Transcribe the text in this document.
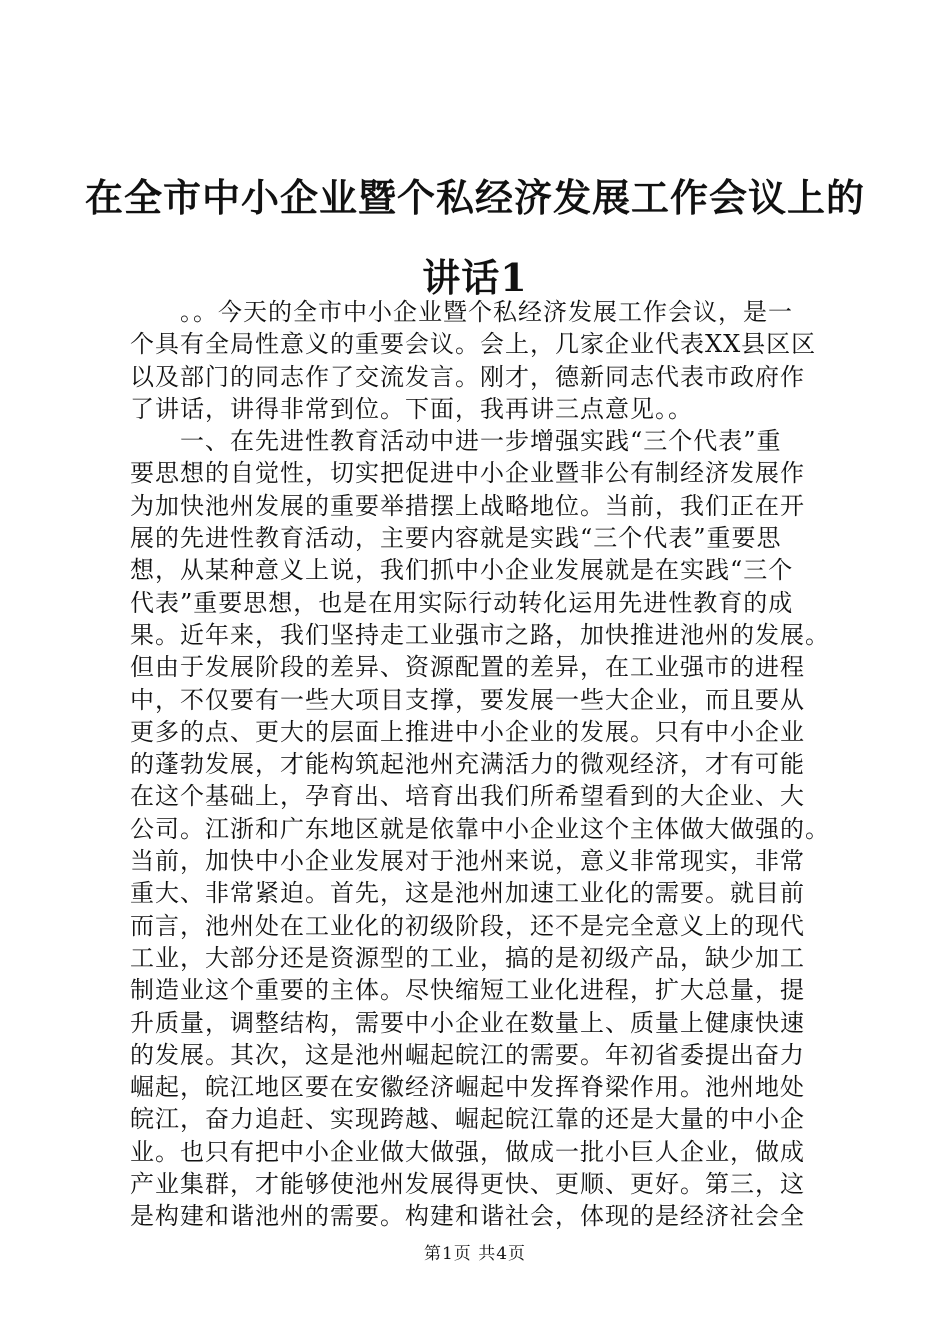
在全市中小企业暨个私经济发展工作会议上的

讲话1

　　。。今天的全市中小企业暨个私经济发展工作会议，是一

个具有全局性意义的重要会议。会上，几家企业代表XX县区区

以及部门的同志作了交流发言。刚才，德新同志代表市政府作

了讲话，讲得非常到位。下面，我再讲三点意见。。

　　一、在先进性教育活动中进一步增强实践“三个代表”重

要思想的自觉性，切实把促进中小企业暨非公有制经济发展作

为加快池州发展的重要举措摆上战略地位。当前，我们正在开

展的先进性教育活动，主要内容就是实践“三个代表”重要思

想，从某种意义上说，我们抓中小企业发展就是在实践“三个

代表”重要思想，也是在用实际行动转化运用先进性教育的成

果。近年来，我们坚持走工业强市之路，加快推进池州的发展。

但由于发展阶段的差异、资源配置的差异，在工业强市的进程

中，不仅要有一些大项目支撑，要发展一些大企业，而且要从

更多的点、更大的层面上推进中小企业的发展。只有中小企业

的蓬勃发展，才能构筑起池州充满活力的微观经济，才有可能

在这个基础上，孕育出、培育出我们所希望看到的大企业、大

公司。江浙和广东地区就是依靠中小企业这个主体做大做强的。

当前，加快中小企业发展对于池州来说，意义非常现实，非常

重大、非常紧迫。首先，这是池州加速工业化的需要。就目前

而言，池州处在工业化的初级阶段，还不是完全意义上的现代

工业，大部分还是资源型的工业，搞的是初级产品，缺少加工

制造业这个重要的主体。尽快缩短工业化进程，扩大总量，提

升质量，调整结构，需要中小企业在数量上、质量上健康快速

的发展。其次，这是池州崛起皖江的需要。年初省委提出奋力

崛起，皖江地区要在安徽经济崛起中发挥脊梁作用。池州地处

皖江，奋力追赶、实现跨越、崛起皖江靠的还是大量的中小企

业。也只有把中小企业做大做强，做成一批小巨人企业，做成

产业集群，才能够使池州发展得更快、更顺、更好。第三，这

是构建和谐池州的需要。构建和谐社会，体现的是经济社会全

第1页 共4页
